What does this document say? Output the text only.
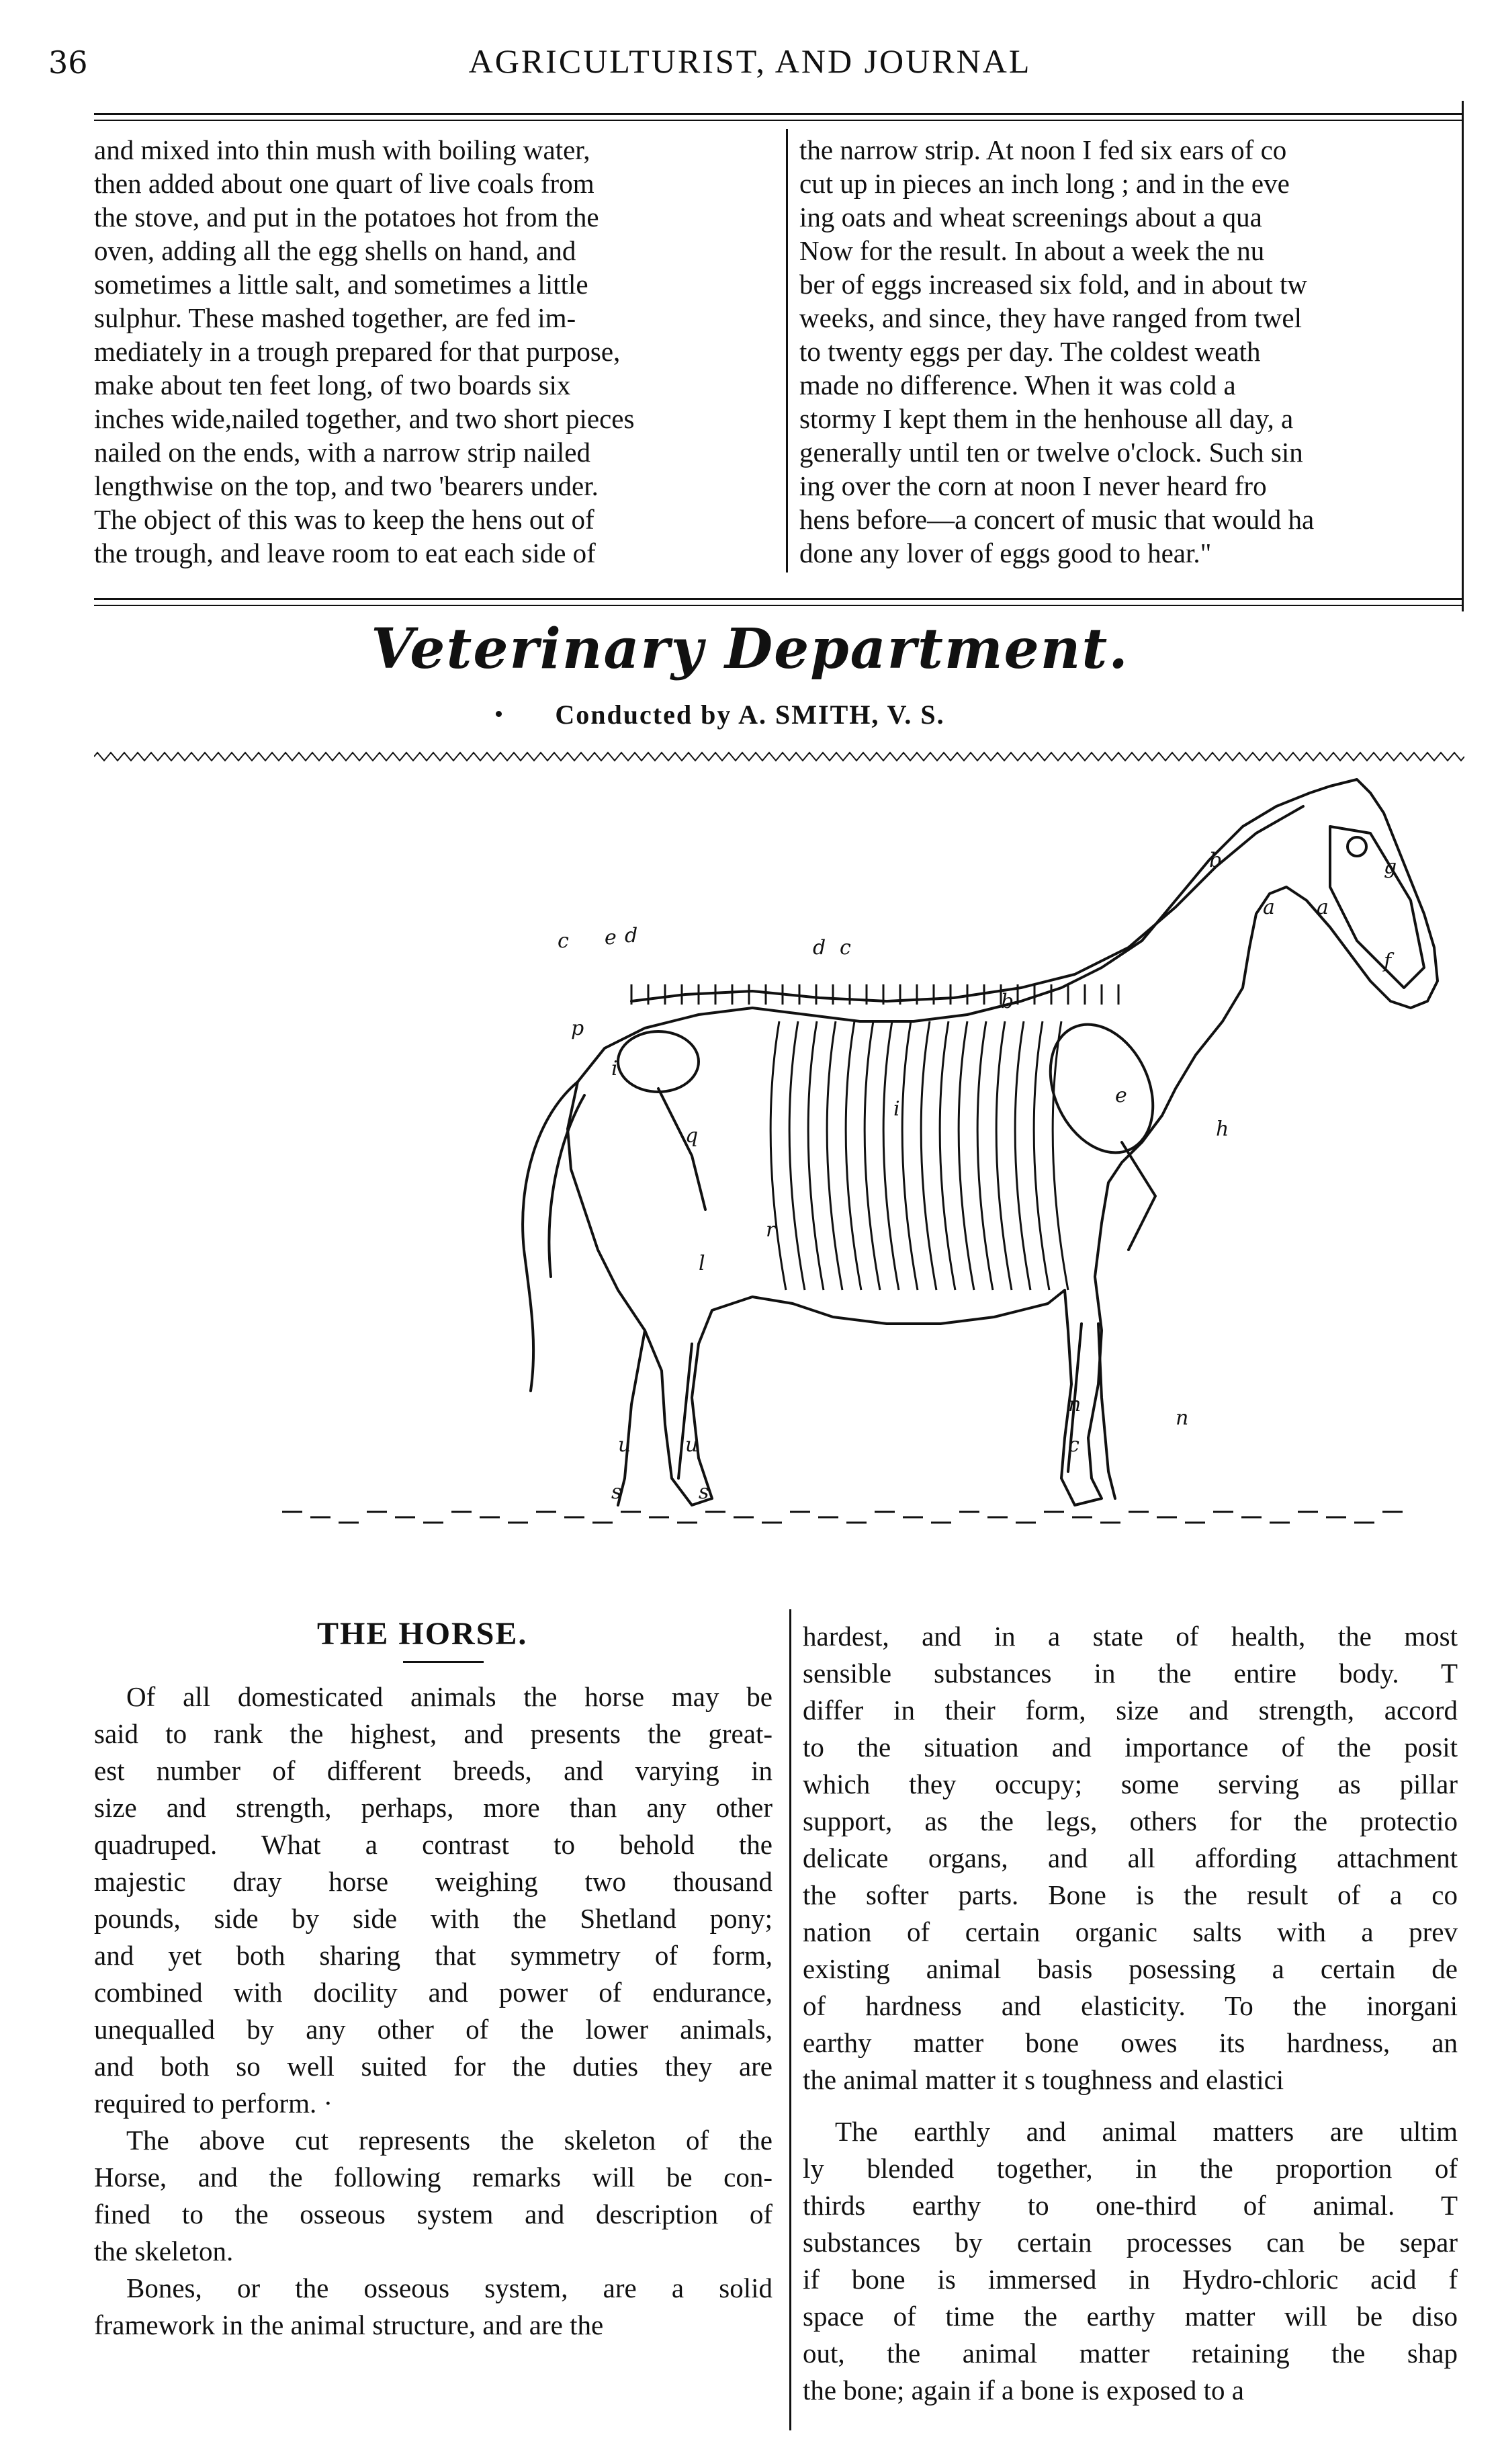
36	AGRICULTURIST, AND JOURNAL
and mixed into thin mush with boiling water,
then added about one quart of live coals from
the stove, and put in the potatoes hot from the
oven, adding all the egg shells on hand, and
sometimes a little salt, and sometimes a little
sulphur. These mashed together, are fed im-
mediately in a trough prepared for that purpose,
make about ten feet long, of two boards six
inches wide,nailed together, and two short pieces
nailed on the ends, with a narrow strip nailed
lengthwise on the top, and two 'bearers under.
The object of this was to keep the hens out of
the trough, and leave room to eat each side of
the narrow strip. At noon I fed six ears of co
cut up in pieces an inch long ; and in the eve
ing oats and wheat screenings about a qua
Now for the result. In about a week the nu
ber of eggs increased six fold, and in about tw
weeks, and since, they have ranged from twel
to twenty eggs per day. The coldest weath
made no difference. When it was cold a
stormy I kept them in the henhouse all day, a
generally until ten or twelve o'clock. Such sin
ing over the corn at noon I never heard fro
hens before—a concert of music that would ha
done any lover of eggs good to hear."
Veterinary Department.
Conducted by A. SMITH, V. S.
c e d
d c
p
b
b
a
i
i
e
h
q
r
l
n
n
c
u	u
s	s
a
f
g
THE HORSE.
Of all domesticated animals the horse may be
said to rank the highest, and presents the great-
est number of different breeds, and varying in
size and strength, perhaps, more than any other
quadruped. What a contrast to behold the
majestic dray horse weighing two thousand
pounds, side by side with the Shetland pony;
and yet both sharing that symmetry of form,
combined with docility and power of endurance,
unequalled by any other of the lower animals,
and both so well suited for the duties they are
required to perform. ·
The above cut represents the skeleton of the
Horse, and the following remarks will be con-
fined to the osseous system and description of
the skeleton.
Bones, or the osseous system, are a solid
framework in the animal structure, and are the
hardest, and in a state of health, the most
sensible substances in the entire body. T
differ in their form, size and strength, accord
to the situation and importance of the posit
which they occupy; some serving as pillar
support, as the legs, others for the protectio
delicate organs, and all affording attachment
the softer parts. Bone is the result of a co
nation of certain organic salts with a prev
existing animal basis posessing a certain de
of hardness and elasticity. To the inorgani
earthy matter bone owes its hardness, an
the animal matter it s toughness and elastici
The earthly and animal matters are ultim
ly blended together, in the proportion of
thirds earthy to one-third of animal. T
substances by certain processes can be separ
if bone is immersed in Hydro-chloric acid f
space of time the earthy matter will be diso
out, the animal matter retaining the shap
the bone; again if a bone is exposed to a
